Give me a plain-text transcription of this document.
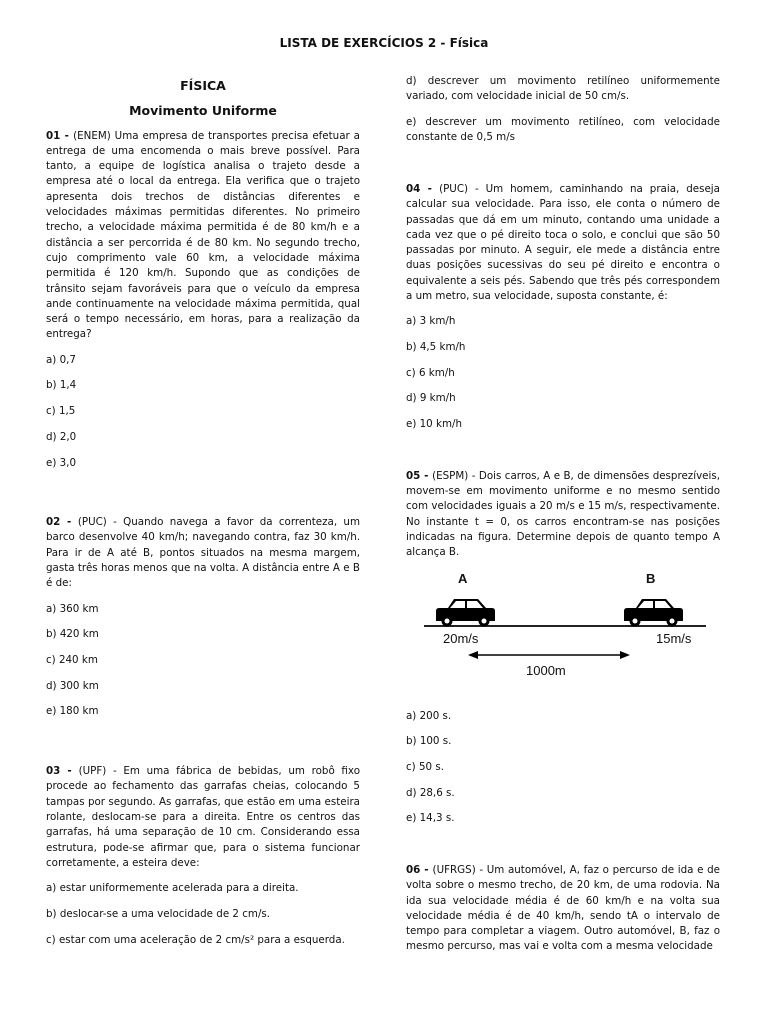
LISTA DE EXERCÍCIOS 2 - Física
FÍSICA
Movimento Uniforme
01 - (ENEM) Uma empresa de transportes precisa efetuar a entrega de uma encomenda o mais breve possível. Para tanto, a equipe de logística analisa o trajeto desde a empresa até o local da entrega. Ela verifica que o trajeto apresenta dois trechos de distâncias diferentes e velocidades máximas permitidas diferentes. No primeiro trecho, a velocidade máxima permitida é de 80 km/h e a distância a ser percorrida é de 80 km. No segundo trecho, cujo comprimento vale 60 km, a velocidade máxima permitida é 120 km/h. Supondo que as condições de trânsito sejam favoráveis para que o veículo da empresa ande continuamente na velocidade máxima permitida, qual será o tempo necessário, em horas, para a realização da entrega?
a) 0,7
b) 1,4
c) 1,5
d) 2,0
e) 3,0
02 - (PUC) - Quando navega a favor da correnteza, um barco desenvolve 40 km/h; navegando contra, faz 30 km/h. Para ir de A até B, pontos situados na mesma margem, gasta três horas menos que na volta. A distância entre A e B é de:
a) 360 km
b) 420 km
c) 240 km
d) 300 km
e) 180 km
03 - (UPF) - Em uma fábrica de bebidas, um robô fixo procede ao fechamento das garrafas cheias, colocando 5 tampas por segundo. As garrafas, que estão em uma esteira rolante, deslocam-se para a direita. Entre os centros das garrafas, há uma separação de 10 cm. Considerando essa estrutura, pode-se afirmar que, para o sistema funcionar corretamente, a esteira deve:
a) estar uniformemente acelerada para a direita.
b) deslocar-se a uma velocidade de 2 cm/s.
c) estar com uma aceleração de 2 cm/s² para a esquerda.
d) descrever um movimento retilíneo uniformemente variado, com velocidade inicial de 50 cm/s.
e) descrever um movimento retilíneo, com velocidade constante de 0,5 m/s
04 - (PUC) - Um homem, caminhando na praia, deseja calcular sua velocidade. Para isso, ele conta o número de passadas que dá em um minuto, contando uma unidade a cada vez que o pé direito toca o solo, e conclui que são 50 passadas por minuto. A seguir, ele mede a distância entre duas posições sucessivas do seu pé direito e encontra o equivalente a seis pés. Sabendo que três pés correspondem a um metro, sua velocidade, suposta constante, é:
a) 3 km/h
b) 4,5 km/h
c) 6 km/h
d) 9 km/h
e) 10 km/h
05 - (ESPM) - Dois carros, A e B, de dimensões desprezíveis, movem-se em movimento uniforme e no mesmo sentido com velocidades iguais a 20 m/s e 15 m/s, respectivamente. No instante t = 0, os carros encontram-se nas posições indicadas na figura. Determine depois de quanto tempo A alcança B.
A	B
20m/s	15m/s
1000m
a) 200 s.
b) 100 s.
c) 50 s.
d) 28,6 s.
e) 14,3 s.
06 - (UFRGS) - Um automóvel, A, faz o percurso de ida e de volta sobre o mesmo trecho, de 20 km, de uma rodovia. Na ida sua velocidade média é de 60 km/h e na volta sua velocidade média é de 40 km/h, sendo tA o intervalo de tempo para completar a viagem. Outro automóvel, B, faz o mesmo percurso, mas vai e volta com a mesma velocidade
